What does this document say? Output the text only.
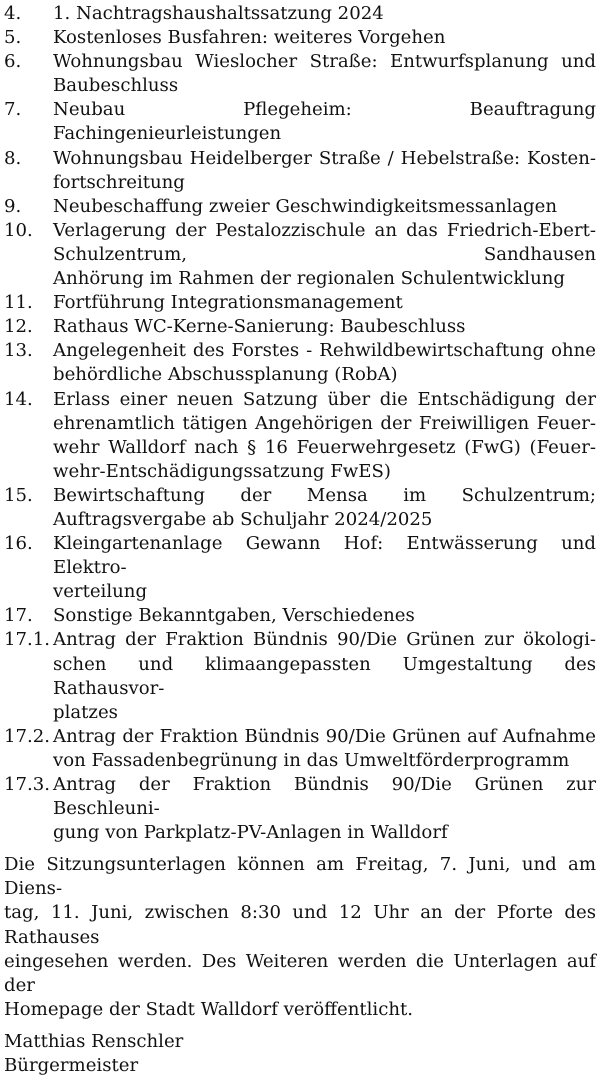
4.	1. Nachtragshaushaltssatzung 2024
5.	Kostenloses Busfahren: weiteres Vorgehen
6.	Wohnungsbau Wieslocher Straße: Entwurfsplanung und
Baubeschluss
7.	Neubau Pflegeheim: Beauftragung Fachingenieurleistungen
8.	Wohnungsbau Heidelberger Straße / Hebelstraße: Kosten-
fortschreitung
9.	Neubeschaffung zweier Geschwindigkeitsmessanlagen
10.	Verlagerung der Pestalozzischule an das Friedrich-Ebert-
Schulzentrum, Sandhausen
Anhörung im Rahmen der regionalen Schulentwicklung
11.	Fortführung Integrationsmanagement
12.	Rathaus WC-Kerne-Sanierung: Baubeschluss
13.	Angelegenheit des Forstes - Rehwildbewirtschaftung ohne
behördliche Abschussplanung (RobA)
14.	Erlass einer neuen Satzung über die Entschädigung der
ehrenamtlich tätigen Angehörigen der Freiwilligen Feuer-
wehr Walldorf nach § 16 Feuerwehrgesetz (FwG) (Feuer-
wehr-Entschädigungssatzung FwES)
15.	Bewirtschaftung der Mensa im Schulzentrum;
Auftragsvergabe ab Schuljahr 2024/2025
16.	Kleingartenanlage Gewann Hof: Entwässerung und Elektro-
verteilung
17.	Sonstige Bekanntgaben, Verschiedenes
17.1. Antrag der Fraktion Bündnis 90/Die Grünen zur ökologi-
schen und klimaangepassten Umgestaltung des Rathausvor-
platzes
17.2. Antrag der Fraktion Bündnis 90/Die Grünen auf Aufnahme
von Fassadenbegrünung in das Umweltförderprogramm
17.3. Antrag der Fraktion Bündnis 90/Die Grünen zur Beschleuni-
gung von Parkplatz-PV-Anlagen in Walldorf
Die Sitzungsunterlagen können am Freitag, 7. Juni, und am Diens-
tag, 11. Juni, zwischen 8:30 und 12 Uhr an der Pforte des Rathauses
eingesehen werden. Des Weiteren werden die Unterlagen auf der
Homepage der Stadt Walldorf veröffentlicht.
Matthias Renschler
Bürgermeister
